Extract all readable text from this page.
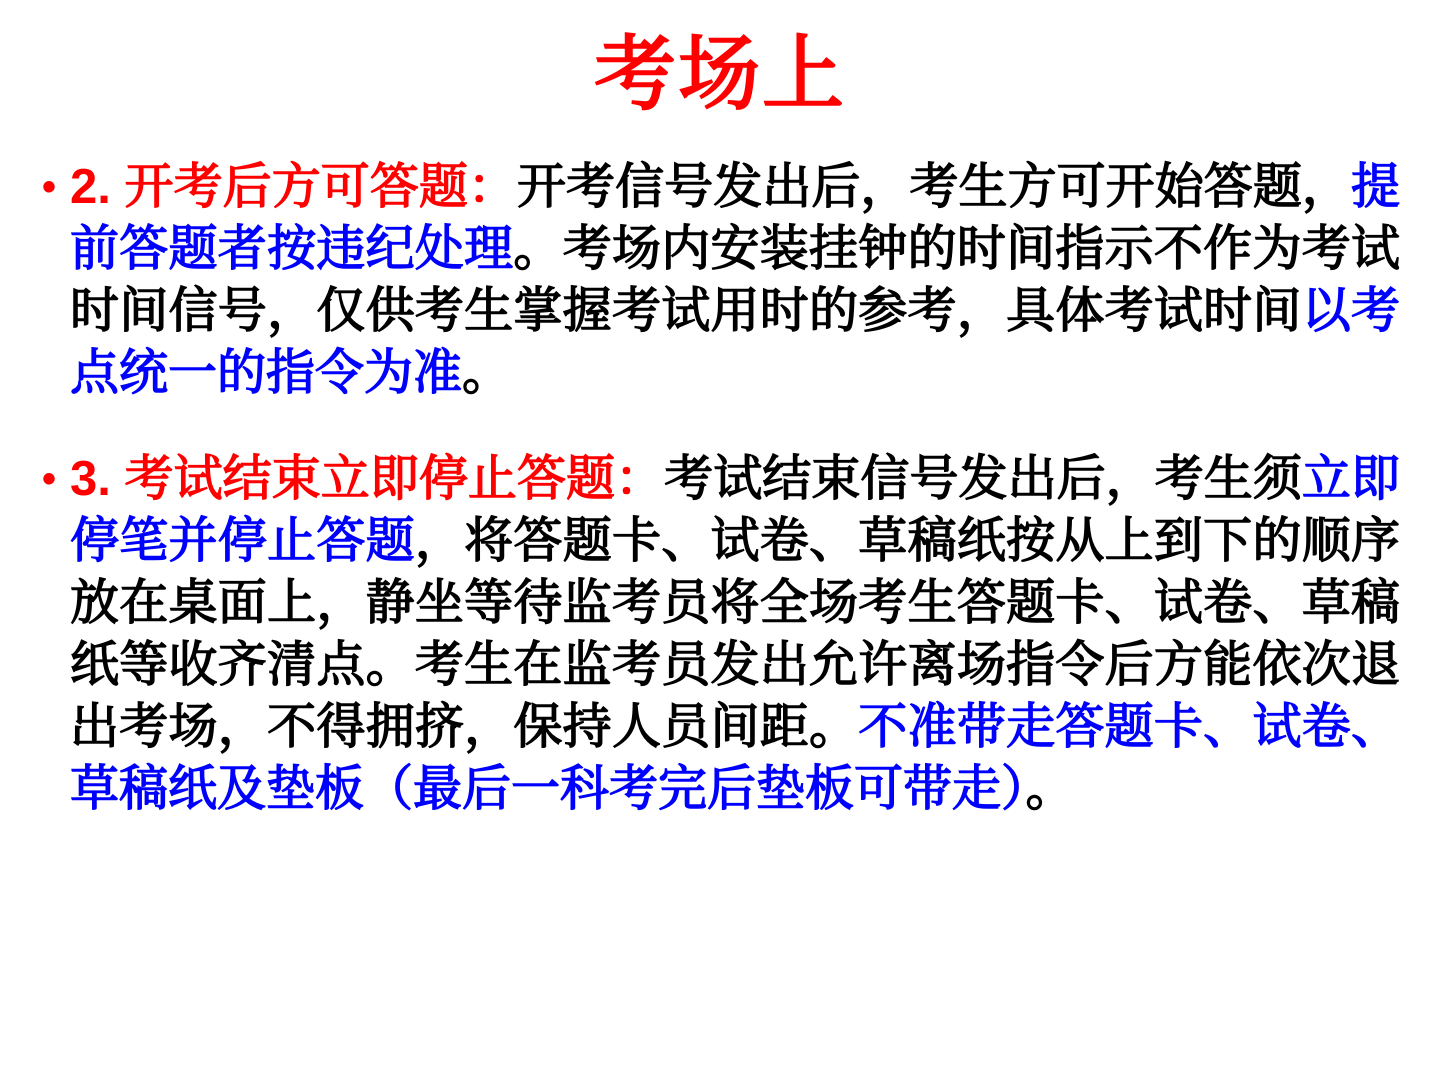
考场上
• 2. 开考后方可答题：开考信号发出后，考生方可开始答题，提前答题者按违纪处理。考场内安装挂钟的时间指示不作为考试时间信号，仅供考生掌握考试用时的参考，具体考试时间以考点统一的指令为准。
• 3. 考试结束立即停止答题：考试结束信号发出后，考生须立即停笔并停止答题，将答题卡、试卷、草稿纸按从上到下的顺序放在桌面上，静坐等待监考员将全场考生答题卡、试卷、草稿纸等收齐清点。考生在监考员发出允许离场指令后方能依次退出考场，不得拥挤，保持人员间距。不准带走答题卡、试卷、草稿纸及垫板（最后一科考完后垫板可带走）。
